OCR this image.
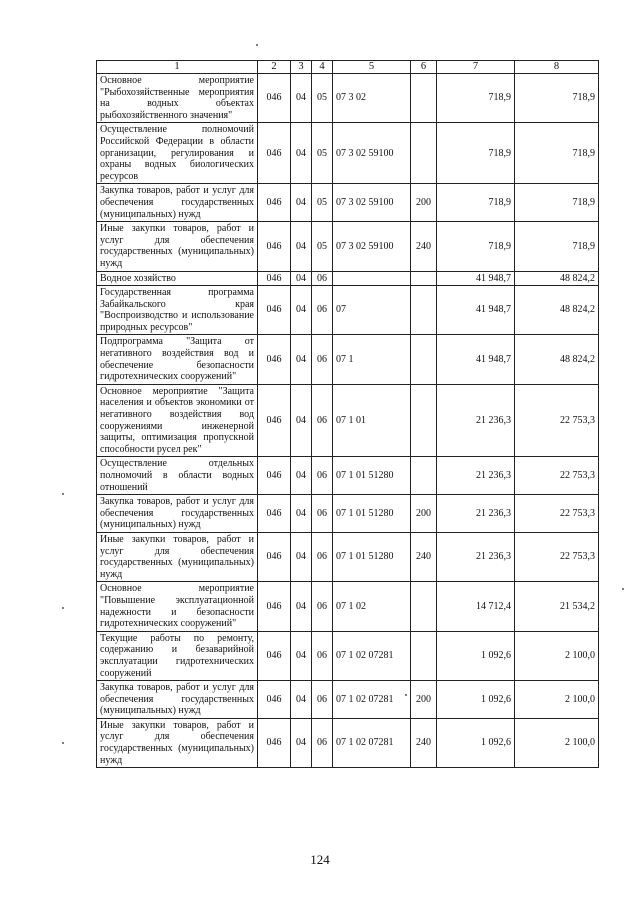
1	2	3	4	5	6	7	8
Основное мероприятие "Рыбохозяйственные мероприятия на водных объектах рыбохозяйственного значения"	046	04	05	07 3 02		718,9	718,9
Осуществление полномочий Российской Федерации в области организации, регулирования и охраны водных биологических ресурсов	046	04	05	07 3 02 59100		718,9	718,9
Закупка товаров, работ и услуг для обеспечения государственных (муниципальных) нужд	046	04	05	07 3 02 59100	200	718,9	718,9
Иные закупки товаров, работ и услуг для обеспечения государственных (муниципальных) нужд	046	04	05	07 3 02 59100	240	718,9	718,9
Водное хозяйство	046	04	06			41 948,7	48 824,2
Государственная программа Забайкальского края "Воспроизводство и использование природных ресурсов"	046	04	06	07		41 948,7	48 824,2
Подпрограмма "Защита от негативного воздействия вод и обеспечение безопасности гидротехнических сооружений"	046	04	06	07 1		41 948,7	48 824,2
Основное мероприятие "Защита населения и объектов экономики от негативного воздействия вод сооружениями инженерной защиты, оптимизация пропускной способности русел рек"	046	04	06	07 1 01		21 236,3	22 753,3
Осуществление отдельных полномочий в области водных отношений	046	04	06	07 1 01 51280		21 236,3	22 753,3
Закупка товаров, работ и услуг для обеспечения государственных (муниципальных) нужд	046	04	06	07 1 01 51280	200	21 236,3	22 753,3
Иные закупки товаров, работ и услуг для обеспечения государственных (муниципальных) нужд	046	04	06	07 1 01 51280	240	21 236,3	22 753,3
Основное мероприятие "Повышение эксплуатационной надежности и безопасности гидротехнических сооружений"	046	04	06	07 1 02		14 712,4	21 534,2
Текущие работы по ремонту, содержанию и безаварийной эксплуатации гидротехнических сооружений	046	04	06	07 1 02 07281		1 092,6	2 100,0
Закупка товаров, работ и услуг для обеспечения государственных (муниципальных) нужд	046	04	06	07 1 02 07281	200	1 092,6	2 100,0
Иные закупки товаров, работ и услуг для обеспечения государственных (муниципальных) нужд	046	04	06	07 1 02 07281	240	1 092,6	2 100,0
124
